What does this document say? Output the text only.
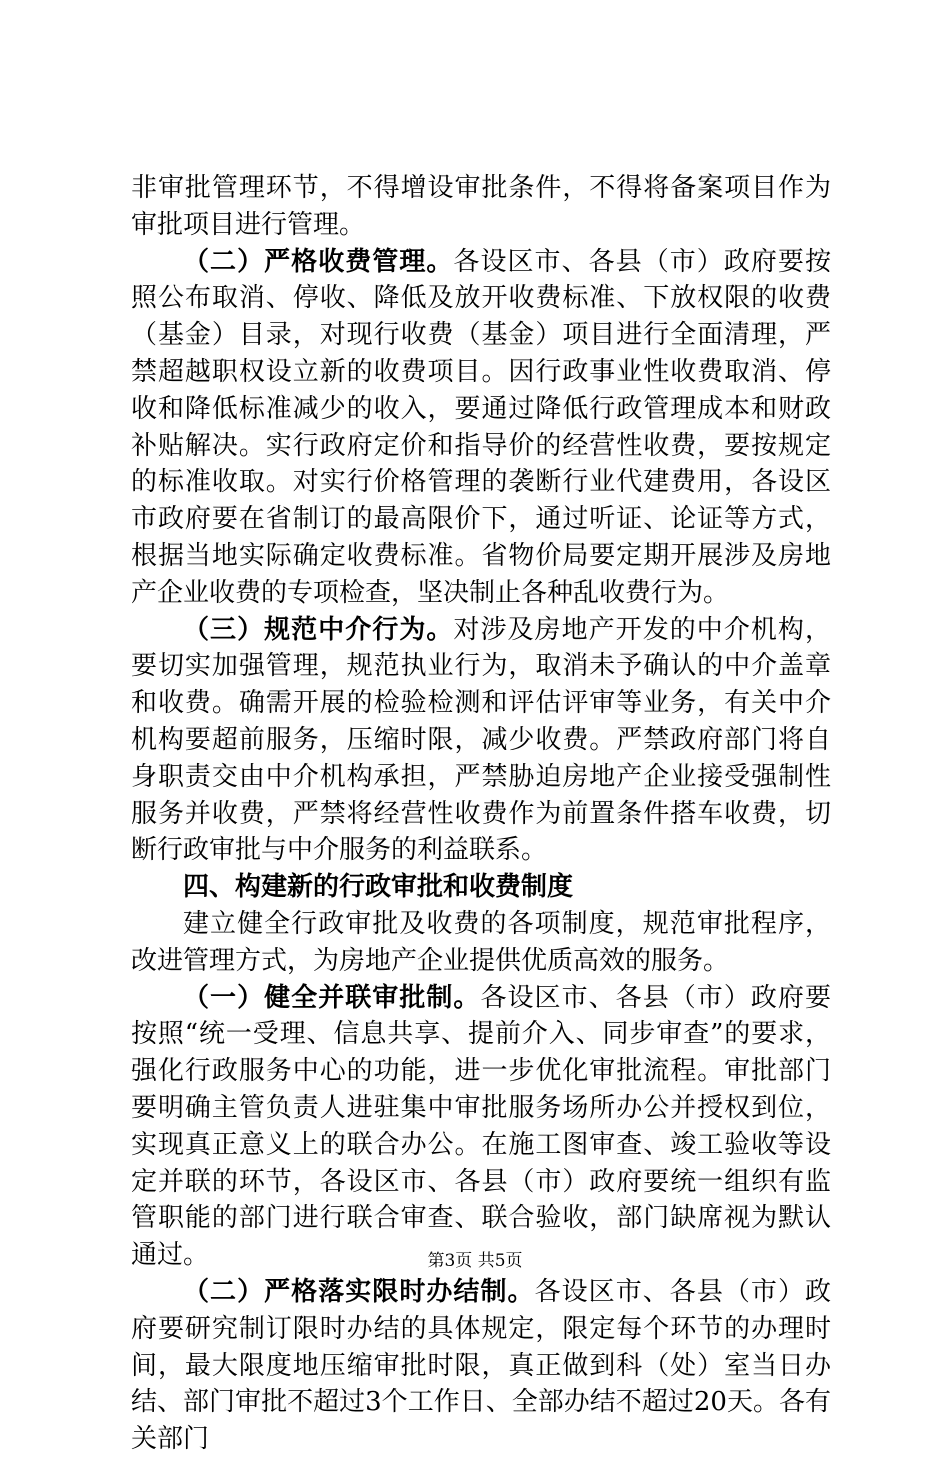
非审批管理环节，不得增设审批条件，不得将备案项目作为审批项目进行管理。

（二）严格收费管理。各设区市、各县（市）政府要按照公布取消、停收、降低及放开收费标准、下放权限的收费（基金）目录，对现行收费（基金）项目进行全面清理，严禁超越职权设立新的收费项目。因行政事业性收费取消、停收和降低标准减少的收入，要通过降低行政管理成本和财政补贴解决。实行政府定价和指导价的经营性收费，要按规定的标准收取。对实行价格管理的袭断行业代建费用，各设区市政府要在省制订的最高限价下，通过听证、论证等方式，根据当地实际确定收费标准。省物价局要定期开展涉及房地产企业收费的专项检查，坚决制止各种乱收费行为。

（三）规范中介行为。对涉及房地产开发的中介机构，要切实加强管理，规范执业行为，取消未予确认的中介盖章和收费。确需开展的检验检测和评估评审等业务，有关中介机构要超前服务，压缩时限，减少收费。严禁政府部门将自身职责交由中介机构承担，严禁胁迫房地产企业接受强制性服务并收费，严禁将经营性收费作为前置条件搭车收费，切断行政审批与中介服务的利益联系。

四、构建新的行政审批和收费制度

建立健全行政审批及收费的各项制度，规范审批程序，改进管理方式，为房地产企业提供优质高效的服务。

（一）健全并联审批制。各设区市、各县（市）政府要按照“统一受理、信息共享、提前介入、同步审查”的要求，强化行政服务中心的功能，进一步优化审批流程。审批部门要明确主管负责人进驻集中审批服务场所办公并授权到位，实现真正意义上的联合办公。在施工图审查、竣工验收等设定并联的环节，各设区市、各县（市）政府要统一组织有监管职能的部门进行联合审查、联合验收，部门缺席视为默认通过。

（二）严格落实限时办结制。各设区市、各县（市）政府要研究制订限时办结的具体规定，限定每个环节的办理时间，最大限度地压缩审批时限，真正做到科（处）室当日办结、部门审批不超过3个工作日、全部办结不超过20天。各有关部门

第3页 共5页
